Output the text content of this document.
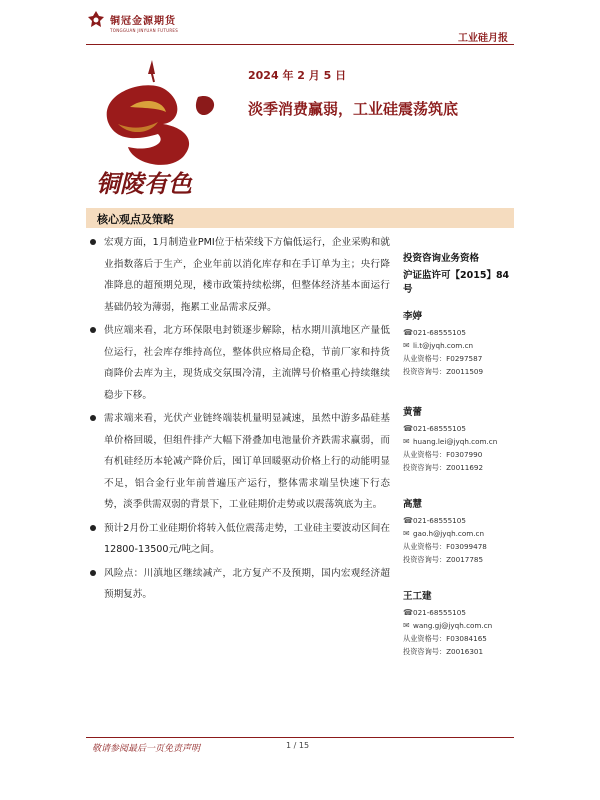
铜冠金源期货
TONGGUAN JINYUAN FUTURES
工业硅月报
铜陵有色
2024 年 2 月 5 日
淡季消费赢弱，工业硅震荡筑底
核心观点及策略
宏观方面，1月制造业PMI位于枯荣线下方偏低运行，企业采购和就业指数落后于生产，企业年前以消化库存和在手订单为主；央行降准降息的超预期兑现，楼市政策持续松绑，但整体经济基本面运行基础仍较为薄弱，拖累工业品需求反弹。
供应端来看，北方环保限电封锁逐步解除，枯水期川滇地区产量低位运行，社会库存维持高位，整体供应格局企稳，节前厂家和持货商降价去库为主，现货成交氛围冷清，主流牌号价格重心持续继续稳步下移。
需求端来看，光伏产业链终端装机量明显减速，虽然中游多晶硅基单价格回暖，但组件排产大幅下滑叠加电池量价齐跌需求赢弱，而有机硅经历本轮减产降价后，囤订单回暖驱动价格上行的动能明显不足，铝合金行业年前普遍压产运行，整体需求端呈快速下行态势，淡季供需双弱的背景下，工业硅期价走势或以震荡筑底为主。
预计2月份工业硅期价将转入低位震荡走势，工业硅主要波动区间在12800-13500元/吨之间。
风险点：川滇地区继续减产，北方复产不及预期，国内宏观经济超预期复苏。
投资咨询业务资格
沪证监许可【2015】84 号
李婷
☎021-68555105
✉ li.t@jyqh.com.cn
从业资格号：F0297587
投资咨询号：Z0011509
黄蕾
☎021-68555105
✉ huang.lei@jyqh.com.cn
从业资格号：F0307990
投资咨询号：Z0011692
高慧
☎021-68555105
✉ gao.h@jyqh.com.cn
从业资格号：F03099478
投资咨询号：Z0017785
王工建
☎021-68555105
✉ wang.gj@jyqh.com.cn
从业资格号：F03084165
投资咨询号：Z0016301
敬请参阅最后一页免责声明	1 / 15
